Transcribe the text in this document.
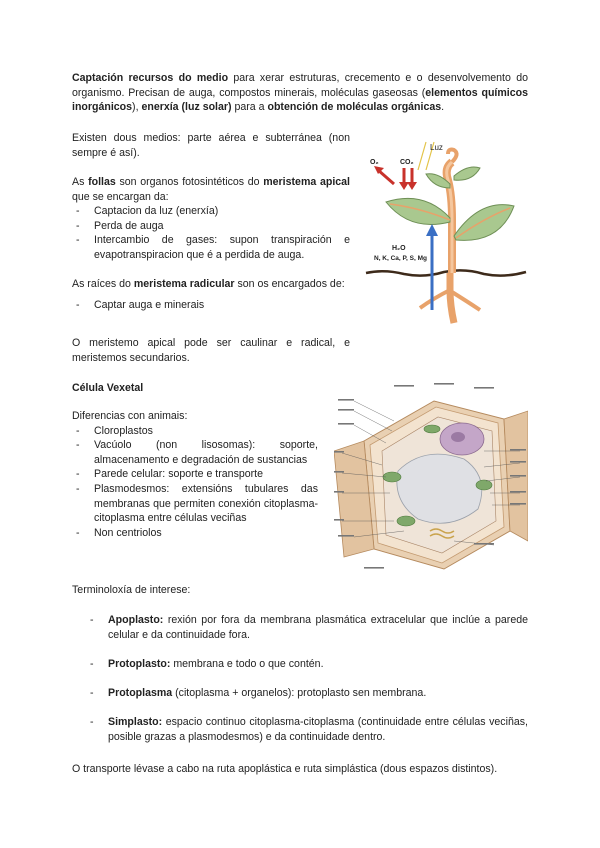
Captación recursos do medio para xerar estruturas, crecemento e o desenvolvemento do organismo. Precisan de auga, compostos minerais, moléculas gaseosas (elementos químicos inorgánicos), enerxía (luz solar) para a obtención de moléculas orgánicas.

Existen dous medios: parte aérea e subterránea (non sempre é así).

As follas son organos fotosintéticos do meristema apical que se encargan da:

- Captacion da luz (enerxía)
- Perda de auga
- Intercambio de gases: supon transpiración e evapotranspiracion que é a perdida de auga.

As raíces do meristema radicular son os encargados de:

- Captar auga e minerais

O meristemo apical pode ser caulinar e radical, e meristemos secundarios.

Célula Vexetal

Diferencias con animais:

- Cloroplastos
- Vacúolo (non lisosomas): soporte, almacenamento e degradación de sustancias
- Parede celular: soporte e transporte
- Plasmodesmos: extensións tubulares das membranas que permiten conexión citoplasma-citoplasma entre células veciñas
- Non centriolos

Terminoloxía de interese:

- Apoplasto: rexión por fora da membrana plasmática extracelular que inclúe a parede celular e da continuidade fora.
- Protoplasto: membrana e todo o que contén.
- Protoplasma (citoplasma + organelos): protoplasto sen membrana.
- Simplasto: espacio continuo citoplasma-citoplasma (continuidade entre células veciñas, posible grazas a plasmodesmos) e da continuidade dentro.

O transporte lévase a cabo na ruta apoplástica e ruta simplástica (dous espazos distintos).

Luz
O₂	CO₂
H₂O
N, K, Ca, P, S, Mg
